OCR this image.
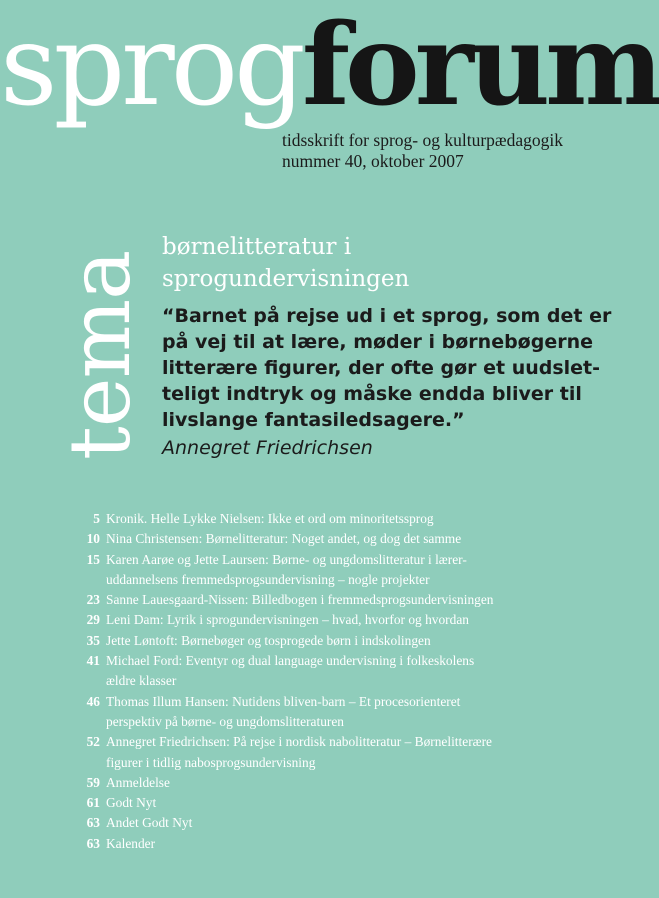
sprogforum
tidsskrift for sprog- og kulturpædagogik
nummer 40, oktober 2007
tema
børnelitteratur i
sprogundervisningen
“Barnet på rejse ud i et sprog, som det er
på vej til at lære, møder i børnebøgerne
litterære figurer, der ofte gør et uudslet-
teligt indtryk og måske endda bliver til
livslange fantasiledsagere.”
Annegret Friedrichsen
5 Kronik. Helle Lykke Nielsen: Ikke et ord om minoritetssprog
10 Nina Christensen: Børnelitteratur: Noget andet, og dog det samme
15 Karen Aarøe og Jette Laursen: Børne- og ungdomslitteratur i lærer-
uddannelsens fremmedsprogsundervisning – nogle projekter
23 Sanne Lauesgaard-Nissen: Billedbogen i fremmedsprogsundervisningen
29 Leni Dam: Lyrik i sprogundervisningen – hvad, hvorfor og hvordan
35 Jette Løntoft: Børnebøger og tosprogede børn i indskolingen
41 Michael Ford: Eventyr og dual language undervisning i folkeskolens
ældre klasser
46 Thomas Illum Hansen: Nutidens bliven-barn – Et procesorienteret
perspektiv på børne- og ungdomslitteraturen
52 Annegret Friedrichsen: På rejse i nordisk nabolitteratur – Børnelitterære
figurer i tidlig nabosprogsundervisning
59 Anmeldelse
61 Godt Nyt
63 Andet Godt Nyt
63 Kalender
